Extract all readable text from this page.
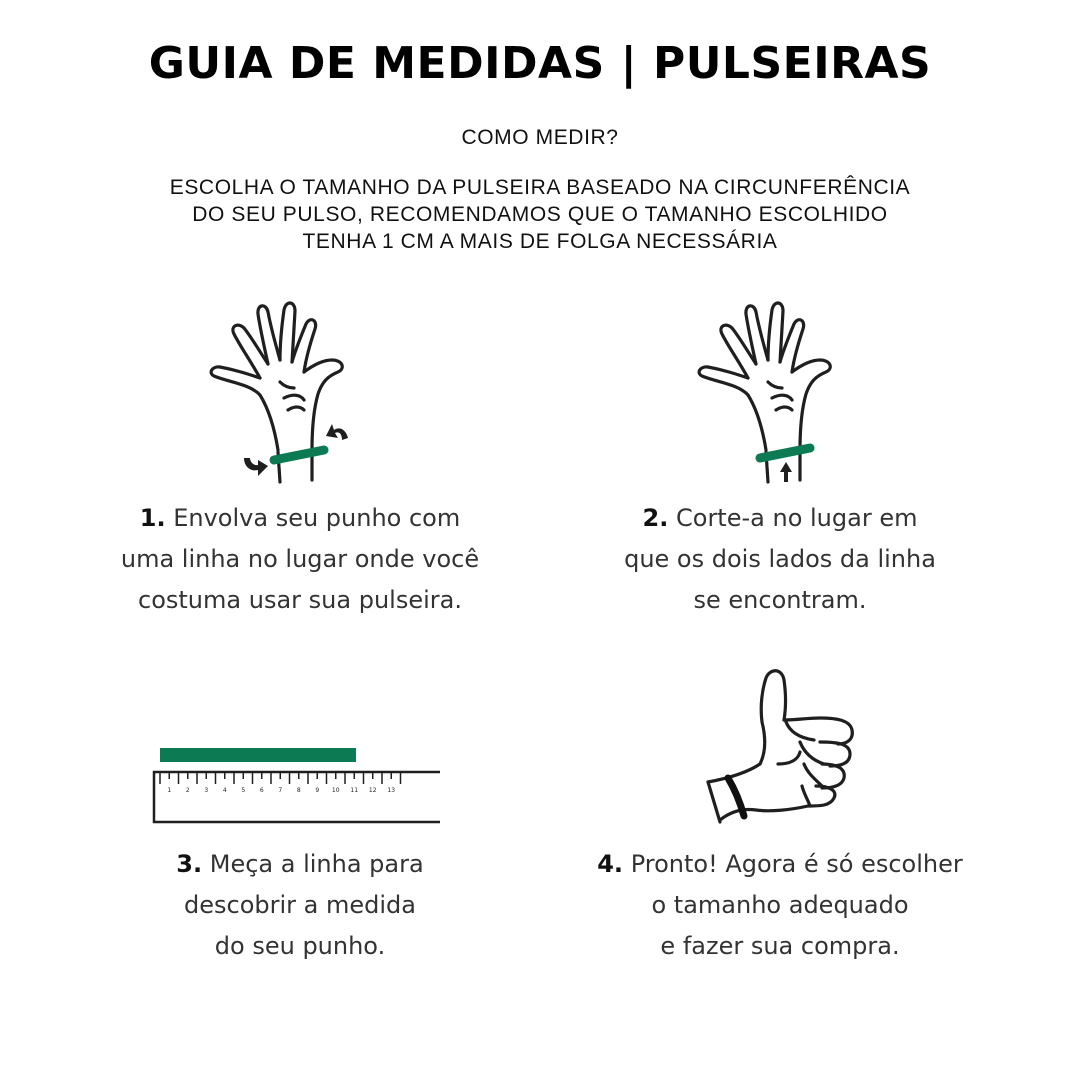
GUIA DE MEDIDAS | PULSEIRAS
COMO MEDIR?
ESCOLHA O TAMANHO DA PULSEIRA BASEADO NA CIRCUNFERÊNCIA
DO SEU PULSO, RECOMENDAMOS QUE O TAMANHO ESCOLHIDO
TENHA 1 CM A MAIS DE FOLGA NECESSÁRIA
1 2 3 4 5 6 7 8 9 10 11 12 13
1. Envolva seu punho com
uma linha no lugar onde você
costuma usar sua pulseira.
2. Corte-a no lugar em
que os dois lados da linha
se encontram.
3. Meça a linha para
descobrir a medida
do seu punho.
4. Pronto! Agora é só escolher
o tamanho adequado
e fazer sua compra.
